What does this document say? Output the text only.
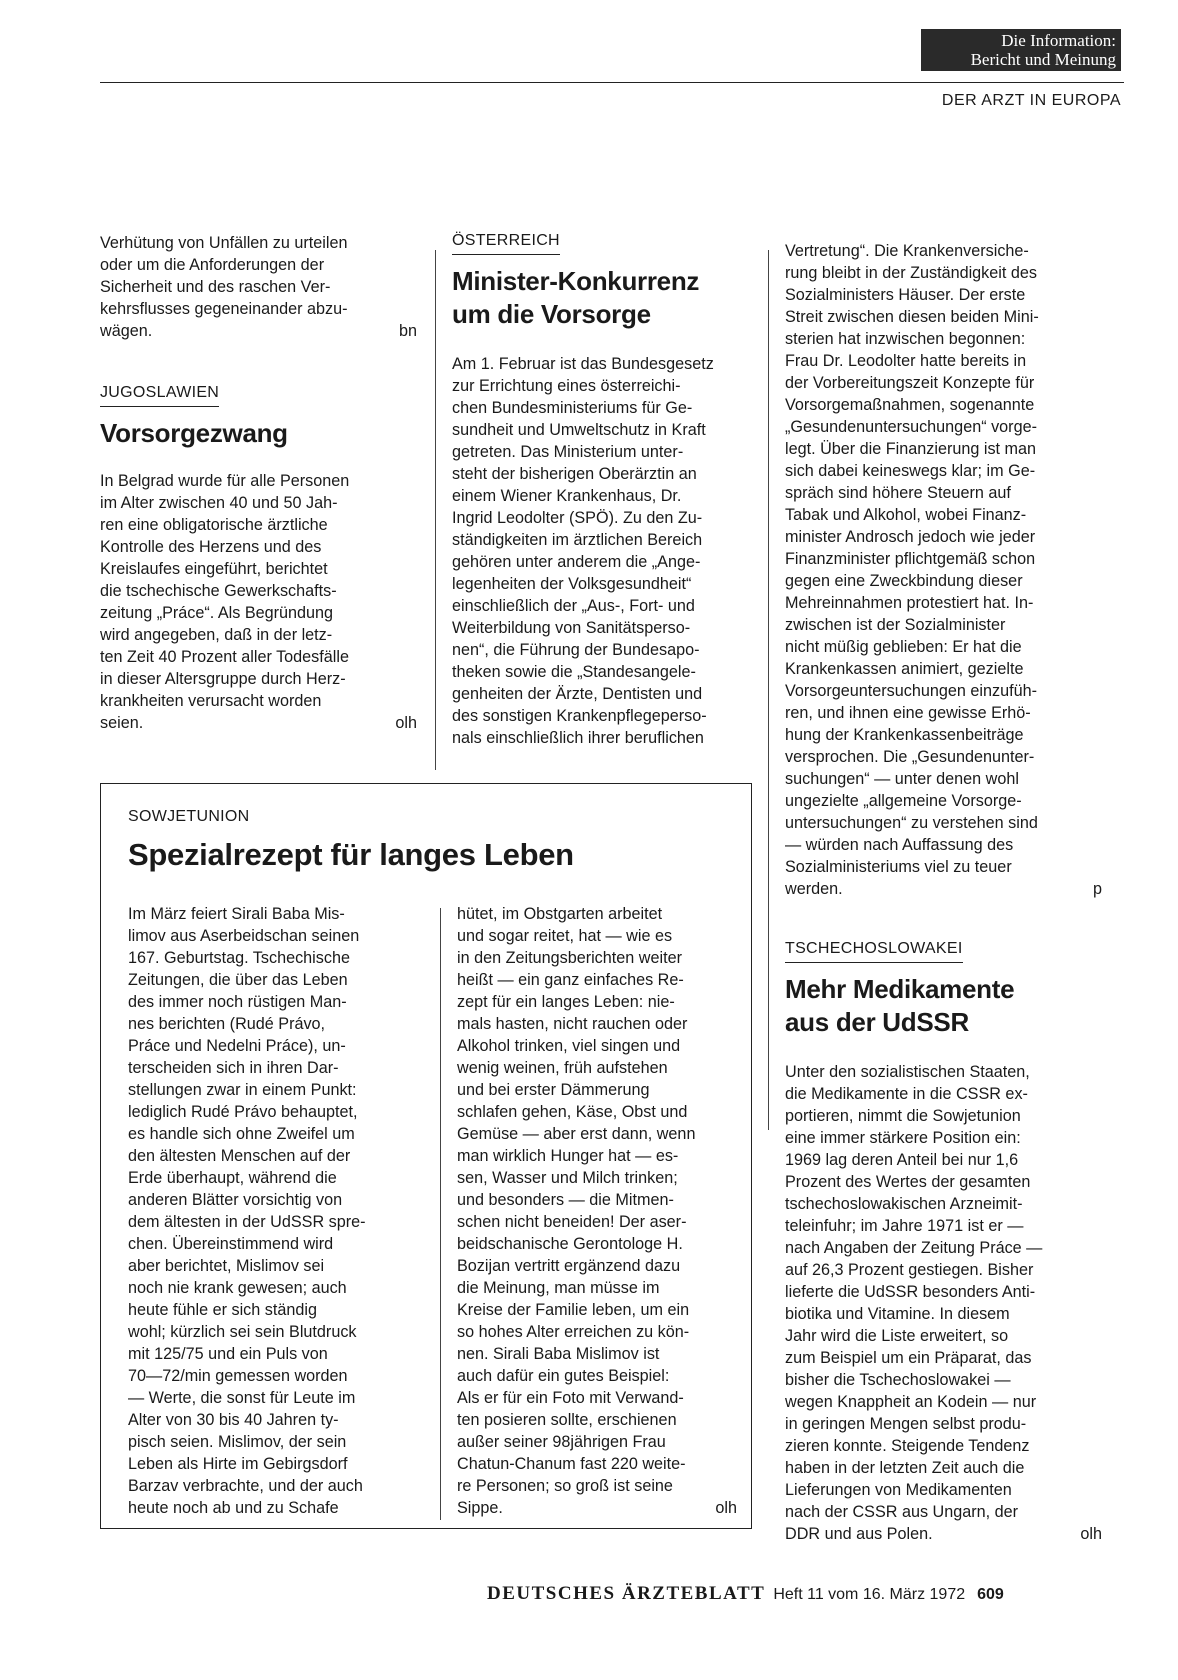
Die Information:
Bericht und Meinung
DER ARZT IN EUROPA
Verhütung von Unfällen zu urteilen
oder um die Anforderungen der
Sicherheit und des raschen Ver-
kehrsflusses gegeneinander abzu-
wägen.	bn
JUGOSLAWIEN
Vorsorgezwang
In Belgrad wurde für alle Personen
im Alter zwischen 40 und 50 Jah-
ren eine obligatorische ärztliche
Kontrolle des Herzens und des
Kreislaufes eingeführt, berichtet
die tschechische Gewerkschafts-
zeitung „Práce“. Als Begründung
wird angegeben, daß in der letz-
ten Zeit 40 Prozent aller Todesfälle
in dieser Altersgruppe durch Herz-
krankheiten verursacht worden
seien.	olh
ÖSTERREICH
Minister-Konkurrenz
um die Vorsorge
Am 1. Februar ist das Bundesgesetz
zur Errichtung eines österreichi-
chen Bundesministeriums für Ge-
sundheit und Umweltschutz in Kraft
getreten. Das Ministerium unter-
steht der bisherigen Oberärztin an
einem Wiener Krankenhaus, Dr.
Ingrid Leodolter (SPÖ). Zu den Zu-
ständigkeiten im ärztlichen Bereich
gehören unter anderem die „Ange-
legenheiten der Volksgesundheit“
einschließlich der „Aus-, Fort- und
Weiterbildung von Sanitätsperso-
nen“, die Führung der Bundesapo-
theken sowie die „Standesangele-
genheiten der Ärzte, Dentisten und
des sonstigen Krankenpflegeperso-
nals einschließlich ihrer beruflichen
Vertretung“. Die Krankenversiche-
rung bleibt in der Zuständigkeit des
Sozialministers Häuser. Der erste
Streit zwischen diesen beiden Mini-
sterien hat inzwischen begonnen:
Frau Dr. Leodolter hatte bereits in
der Vorbereitungszeit Konzepte für
Vorsorgemaßnahmen, sogenannte
„Gesundenuntersuchungen“ vorge-
legt. Über die Finanzierung ist man
sich dabei keineswegs klar; im Ge-
spräch sind höhere Steuern auf
Tabak und Alkohol, wobei Finanz-
minister Androsch jedoch wie jeder
Finanzminister pflichtgemäß schon
gegen eine Zweckbindung dieser
Mehreinnahmen protestiert hat. In-
zwischen ist der Sozialminister
nicht müßig geblieben: Er hat die
Krankenkassen animiert, gezielte
Vorsorgeuntersuchungen einzufüh-
ren, und ihnen eine gewisse Erhö-
hung der Krankenkassenbeiträge
versprochen. Die „Gesundenunter-
suchungen“ — unter denen wohl
ungezielte „allgemeine Vorsorge-
untersuchungen“ zu verstehen sind
— würden nach Auffassung des
Sozialministeriums viel zu teuer
werden.	p
TSCHECHOSLOWAKEI
Mehr Medikamente
aus der UdSSR
Unter den sozialistischen Staaten,
die Medikamente in die CSSR ex-
portieren, nimmt die Sowjetunion
eine immer stärkere Position ein:
1969 lag deren Anteil bei nur 1,6
Prozent des Wertes der gesamten
tschechoslowakischen Arzneimit-
teleinfuhr; im Jahre 1971 ist er —
nach Angaben der Zeitung Práce —
auf 26,3 Prozent gestiegen. Bisher
lieferte die UdSSR besonders Anti-
biotika und Vitamine. In diesem
Jahr wird die Liste erweitert, so
zum Beispiel um ein Präparat, das
bisher die Tschechoslowakei —
wegen Knappheit an Kodein — nur
in geringen Mengen selbst produ-
zieren konnte. Steigende Tendenz
haben in der letzten Zeit auch die
Lieferungen von Medikamenten
nach der CSSR aus Ungarn, der
DDR und aus Polen.	olh
SOWJETUNION
Spezialrezept für langes Leben
Im März feiert Sirali Baba Mis-
limov aus Aserbeidschan seinen
167. Geburtstag. Tschechische
Zeitungen, die über das Leben
des immer noch rüstigen Man-
nes berichten (Rudé Právo,
Práce und Nedelni Práce), un-
terscheiden sich in ihren Dar-
stellungen zwar in einem Punkt:
lediglich Rudé Právo behauptet,
es handle sich ohne Zweifel um
den ältesten Menschen auf der
Erde überhaupt, während die
anderen Blätter vorsichtig von
dem ältesten in der UdSSR spre-
chen. Übereinstimmend wird
aber berichtet, Mislimov sei
noch nie krank gewesen; auch
heute fühle er sich ständig
wohl; kürzlich sei sein Blutdruck
mit 125/75 und ein Puls von
70—72/min gemessen worden
— Werte, die sonst für Leute im
Alter von 30 bis 40 Jahren ty-
pisch seien. Mislimov, der sein
Leben als Hirte im Gebirgsdorf
Barzav verbrachte, und der auch
heute noch ab und zu Schafe
hütet, im Obstgarten arbeitet
und sogar reitet, hat — wie es
in den Zeitungsberichten weiter
heißt — ein ganz einfaches Re-
zept für ein langes Leben: nie-
mals hasten, nicht rauchen oder
Alkohol trinken, viel singen und
wenig weinen, früh aufstehen
und bei erster Dämmerung
schlafen gehen, Käse, Obst und
Gemüse — aber erst dann, wenn
man wirklich Hunger hat — es-
sen, Wasser und Milch trinken;
und besonders — die Mitmen-
schen nicht beneiden! Der aser-
beidschanische Gerontologe H.
Bozijan vertritt ergänzend dazu
die Meinung, man müsse im
Kreise der Familie leben, um ein
so hohes Alter erreichen zu kön-
nen. Sirali Baba Mislimov ist
auch dafür ein gutes Beispiel:
Als er für ein Foto mit Verwand-
ten posieren sollte, erschienen
außer seiner 98jährigen Frau
Chatun-Chanum fast 220 weite-
re Personen; so groß ist seine
Sippe.	olh
DEUTSCHES ÄRZTEBLATT Heft 11 vom 16. März 1972 609
